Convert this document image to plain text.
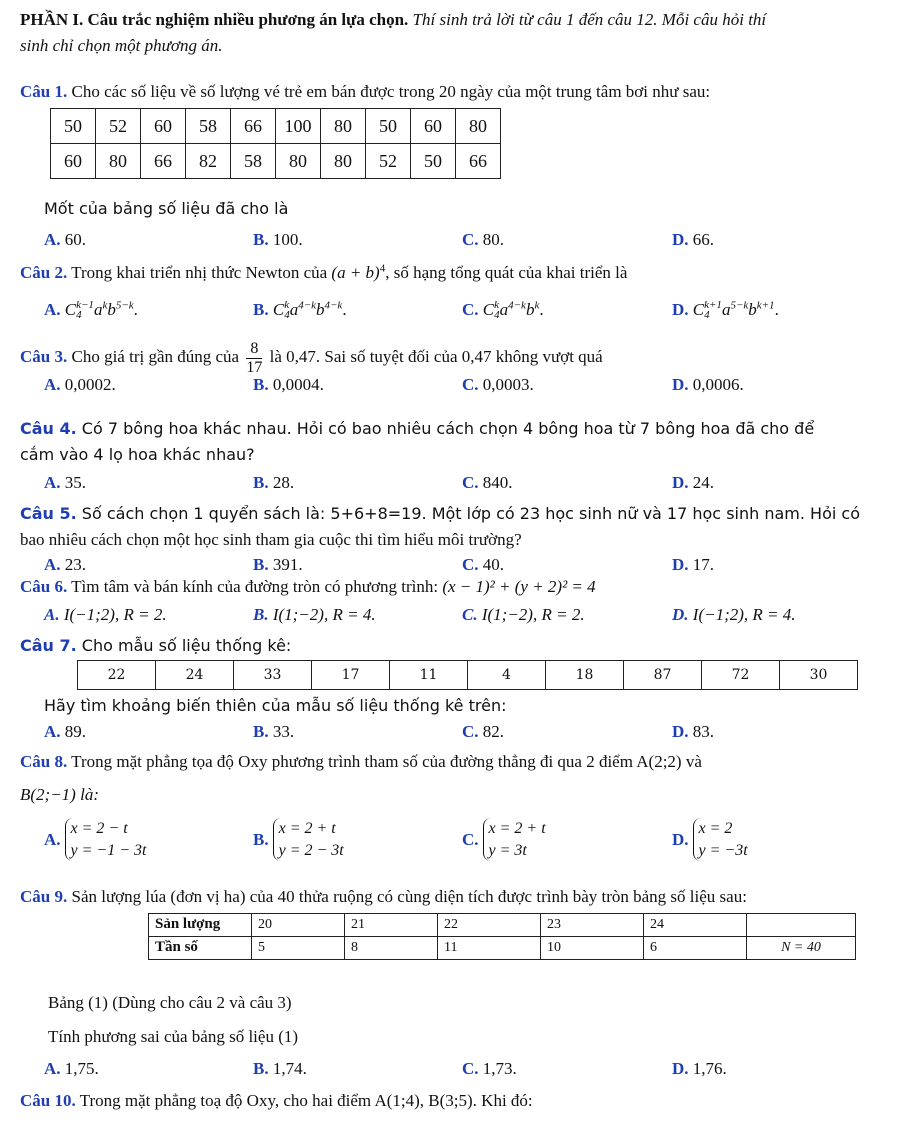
PHẦN I. Câu trắc nghiệm nhiều phương án lựa chọn. Thí sinh trả lời từ câu 1 đến câu 12. Mỗi câu hỏi thí
sinh chỉ chọn một phương án.
Câu 1. Cho các số liệu về số lượng vé trẻ em bán được trong 20 ngày của một trung tâm bơi như sau:
50	52	60	58	66	100	80	50	60	80
60	80	66	82	58	80	80	52	50	66
Mốt của bảng số liệu đã cho là
A. 60.	B. 100.	C. 80.	D. 66.
Câu 2. Trong khai triển nhị thức Newton của $(a + b)^4$, số hạng tổng quát của khai triển là
A. C k−1
4 $a^kb^{5-k}$.	B. C k
4 $a^{4-k}b^{4-k}$.	C. C k
4 $a^{4-k}b^k$.	D. C k+1
4 $a^{5-k}b^{k+1}$.
Câu 3. Cho giá trị gần đúng của $\frac{8}{17}$ là 0,47. Sai số tuyệt đối của 0,47 không vượt quá
A. 0,0002.	B. 0,0004.	C. 0,0003.	D. 0,0006.
Câu 4. Có 7 bông hoa khác nhau. Hỏi có bao nhiêu cách chọn 4 bông hoa từ 7 bông hoa đã cho để
cắm vào 4 lọ hoa khác nhau?
A. 35.	B. 28.	C. 840.	D. 24.
Câu 5. Số cách chọn 1 quyển sách là: 5+6+8=19. Một lớp có 23 học sinh nữ và 17 học sinh nam. Hỏi có
bao nhiêu cách chọn một học sinh tham gia cuộc thi tìm hiểu môi trường?
A. 23.	B. 391.	C. 40.	D. 17.
Câu 6. Tìm tâm và bán kính của đường tròn có phương trình: (x − 1)² + (y + 2)² = 4
A. I(−1;2), R = 2.	B. I(1;−2), R = 4.	C. I(1;−2), R = 2.	D. I(−1;2), R = 4.
Câu 7. Cho mẫu số liệu thống kê:
22	24	33	17	11	4	18	87	72	30
Hãy tìm khoảng biến thiên của mẫu số liệu thống kê trên:
A. 89.	B. 33.	C. 82.	D. 83.
Câu 8. Trong mặt phẳng tọa độ Oxy phương trình tham số của đường thẳng đi qua 2 điểm A(2;2) và
B(2;−1) là:
A.
x = 2 − t
y = −1 − 3t
B.
x = 2 + t
y = 2 − 3t
C.
x = 2 + t
y = 3t
D.
x = 2
y = −3t
Câu 9. Sản lượng lúa (đơn vị ha) của 40 thửa ruộng có cùng diện tích được trình bày tròn bảng số liệu sau:
Sản lượng	20	21	22	23	24	
Tần số	5	8	11	10	6	N = 40
Bảng (1) (Dùng cho câu 2 và câu 3)
Tính phương sai của bảng số liệu (1)
A. 1,75.	B. 1,74.	C. 1,73.	D. 1,76.
Câu 10. Trong mặt phẳng toạ độ Oxy, cho hai điểm A(1;4), B(3;5). Khi đó:
